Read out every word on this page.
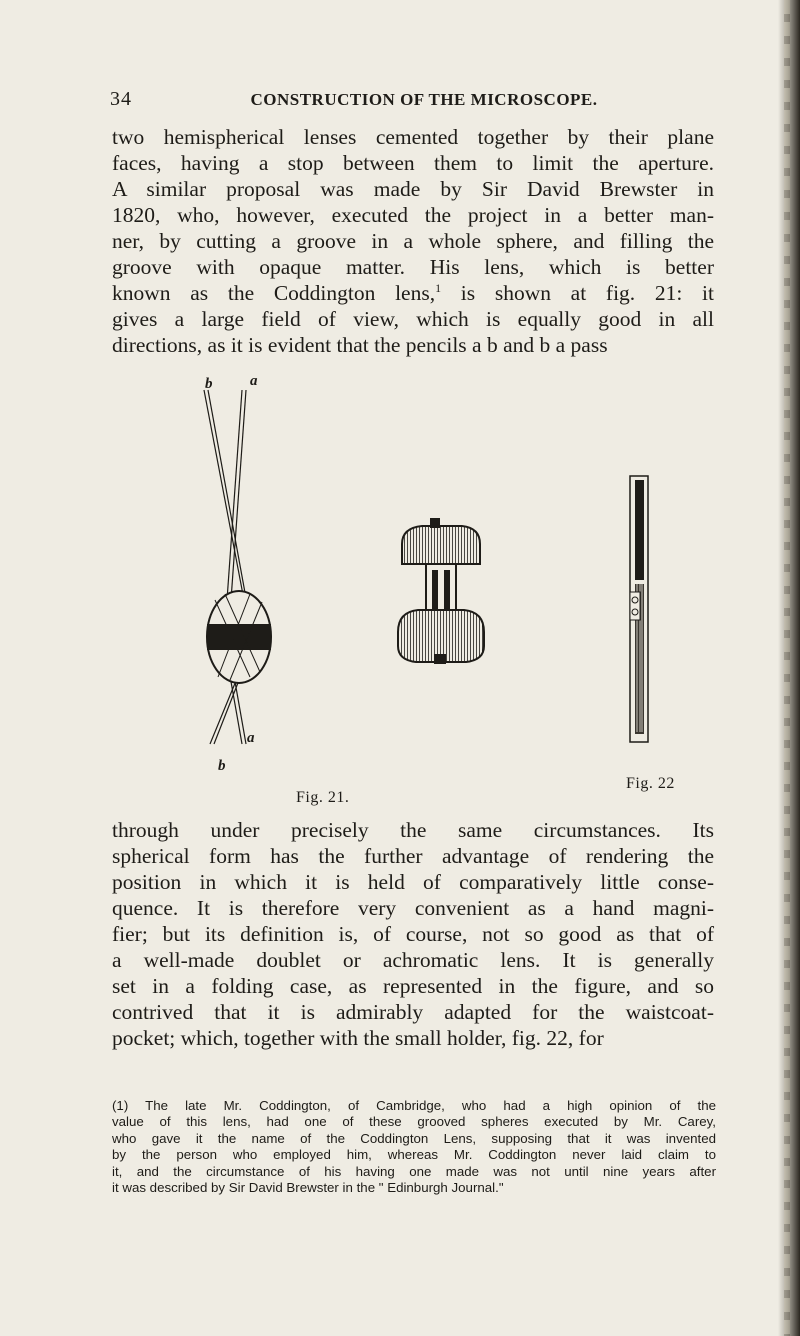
34	CONSTRUCTION OF THE MICROSCOPE.
two hemispherical lenses cemented together by their plane
faces, having a stop between them to limit the aperture.
A similar proposal was made by Sir David Brewster in
1820, who, however, executed the project in a better man-
ner, by cutting a groove in a whole sphere, and filling the
groove with opaque matter. His lens, which is better
known as the Coddington lens,$^1$ is shown at fig. 21: it
gives a large field of view, which is equally good in all
directions, as it is evident that the pencils a b and b a pass
b	a
b
a
Fig. 21.
Fig. 22
through under precisely the same circumstances. Its
spherical form has the further advantage of rendering the
position in which it is held of comparatively little conse-
quence. It is therefore very convenient as a hand magni-
fier; but its definition is, of course, not so good as that of
a well-made doublet or achromatic lens. It is generally
set in a folding case, as represented in the figure, and so
contrived that it is admirably adapted for the waistcoat-
pocket; which, together with the small holder, fig. 22, for
(1) The late Mr. Coddington, of Cambridge, who had a high opinion of the
value of this lens, had one of these grooved spheres executed by Mr. Carey,
who gave it the name of the Coddington Lens, supposing that it was invented
by the person who employed him, whereas Mr. Coddington never laid claim to
it, and the circumstance of his having one made was not until nine years after
it was described by Sir David Brewster in the " Edinburgh Journal."
